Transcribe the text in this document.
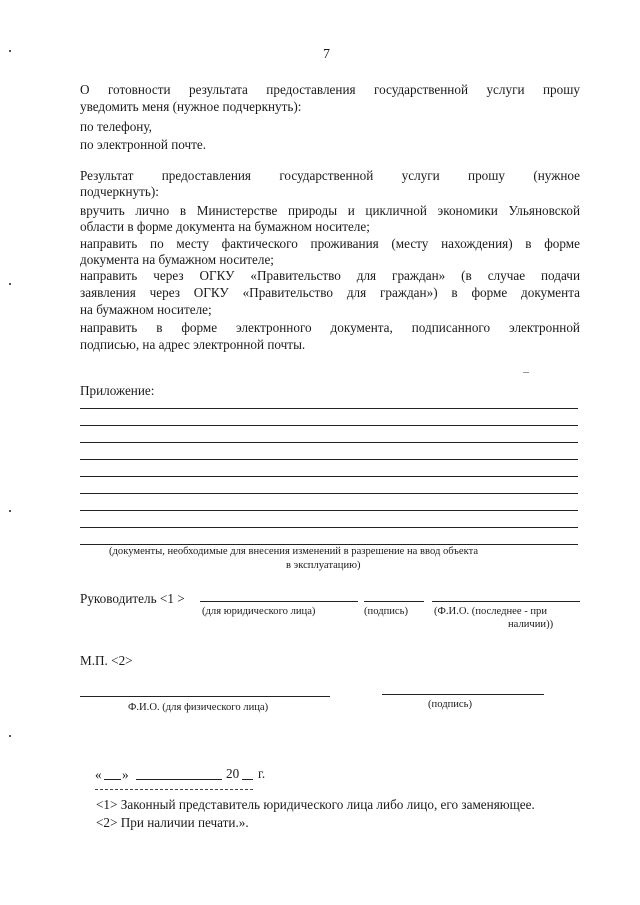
7
О готовности результата предоставления государственной услуги прошу
уведомить меня (нужное подчеркнуть):
по телефону,
по электронной почте.
Результат предоставления государственной услуги прошу (нужное
подчеркнуть):
вручить лично в Министерстве природы и цикличной экономики Ульяновской
области в форме документа на бумажном носителе;
направить по месту фактического проживания (месту нахождения) в форме
документа на бумажном носителе;
направить через ОГКУ «Правительство для граждан» (в случае подачи
заявления через ОГКУ «Правительство для граждан») в форме документа
на бумажном носителе;
направить в форме электронного документа, подписанного электронной
подписью, на адрес электронной почты.
Приложение:
(документы, необходимые для внесения изменений в разрешение на ввод объекта
в эксплуатацию)
Руководитель <1 >
(для юридического лица)	(подпись) (Ф.И.О. (последнее - при
наличии))
М.П. <2>
Ф.И.О. (для физического лица)	(подпись)
« »	20 г.
<1> Законный представитель юридического лица либо лицо, его заменяющее.
<2> При наличии печати.».
